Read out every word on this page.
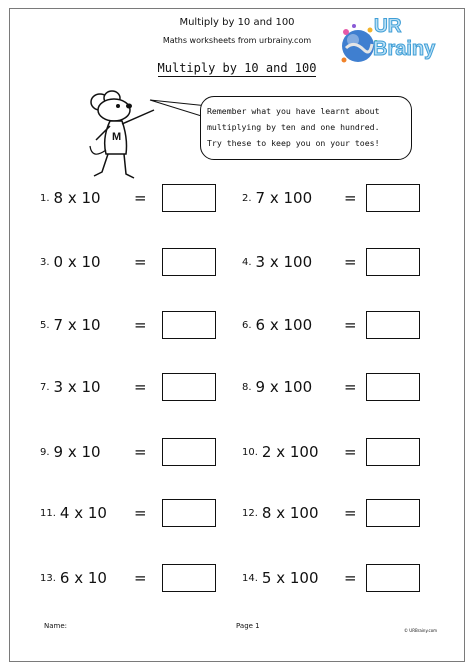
Multiply by 10 and 100
Maths worksheets from urbrainy.com
UR
Brainy
Multiply by 10 and 100
M
Remember what you have learnt about
multiplying by ten and one hundred.
Try these to keep you on your toes!
1. 8 x 10 =	2. 7 x 100 =
3. 0 x 10 =	4. 3 x 100 =
5. 7 x 10 =	6. 6 x 100 =
7. 3 x 10 =	8. 9 x 100 =
9. 9 x 10 =	10. 2 x 100 =
11. 4 x 10 =	12. 8 x 100 =
13. 6 x 10 =	14. 5 x 100 =
Name:	Page 1
© URBrainy.com
